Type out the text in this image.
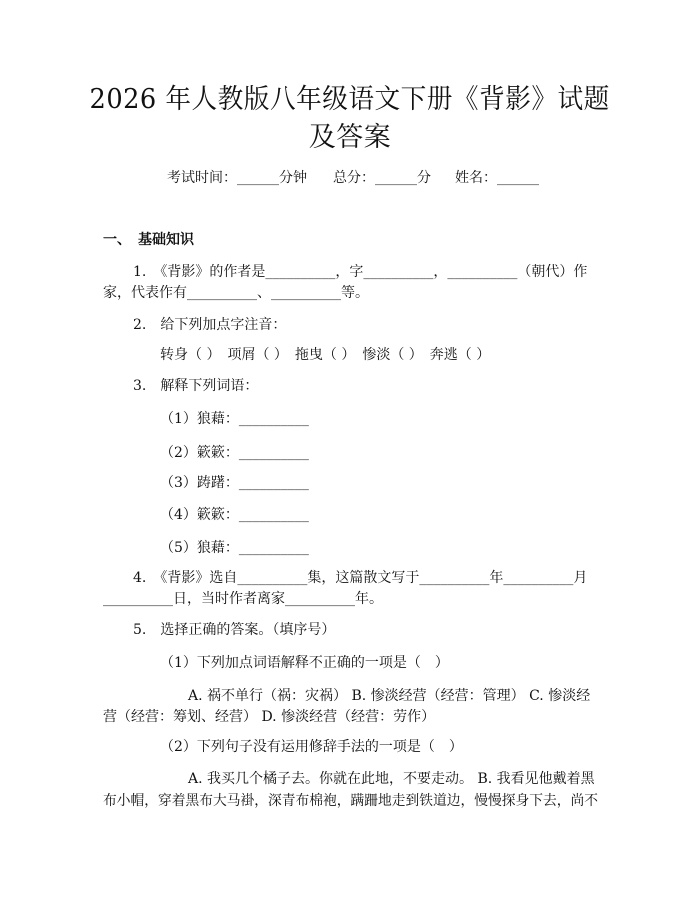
2026 年人教版八年级语文下册《背影》试题
及答案
考试时间：______分钟 总分：______分 姓名：______
一、　基础知识
1.　《背影》的作者是__________，字__________，__________（朝代）作
家，代表作有__________、__________等。
2.　给下列加点字注音：
转身（ ）　项屑（ ）　拖曳（ ）　惨淡（ ）　奔逃（ ）
3.　解释下列词语：
（1）狼藉：__________
（2）簌簌：__________
（3）踌躇：__________
（4）簌簌：__________
（5）狼藉：__________
4.　《背影》选自__________集，这篇散文写于__________年__________月
__________日，当时作者离家__________年。
5.　选择正确的答案。（填序号）
（1）下列加点词语解释不正确的一项是（　）
A. 祸不单行（祸：灾祸） B. 惨淡经营（经营：管理） C. 惨淡经
营（经营：筹划、经营） D. 惨淡经营（经营：劳作）
（2）下列句子没有运用修辞手法的一项是（　）
A. 我买几个橘子去。你就在此地，不要走动。 B. 我看见他戴着黑
布小帽，穿着黑布大马褂，深青布棉袍，蹒跚地走到铁道边，慢慢探身下去，尚不
